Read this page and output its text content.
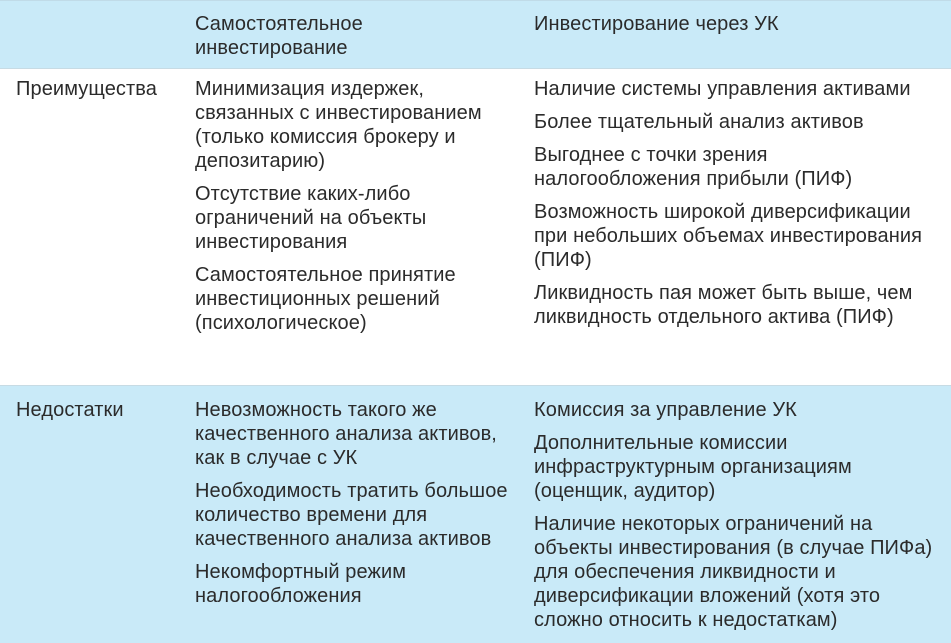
Самостоятельное инвестирование
Инвестирование через УК
Преимущества	Минимизация издержек, связанных с инвестированием (только комиссия брокеру и депозитарию)
Отсутствие каких-либо ограничений на объекты инвестирования
Самостоятельное принятие инвестиционных решений (психологическое)
Наличие системы управления активами
Более тщательный анализ активов
Выгоднее с точки зрения налогообложения прибыли (ПИФ)
Возможность широкой диверсификации при небольших объемах инвестирования (ПИФ)
Ликвидность пая может быть выше, чем ликвидность отдельного актива (ПИФ)
Недостатки	Невозможность такого же качественного анализа активов, как в случае с УК
Необходимость тратить большое количество времени для качественного анализа активов
Некомфортный режим налогообложения
Комиссия за управление УК
Дополнительные комиссии инфраструктурным организациям (оценщик, аудитор)
Наличие некоторых ограничений на объекты инвестирования (в случае ПИФа) для обеспечения ликвидности и диверсификации вложений (хотя это сложно относить к недостаткам)
